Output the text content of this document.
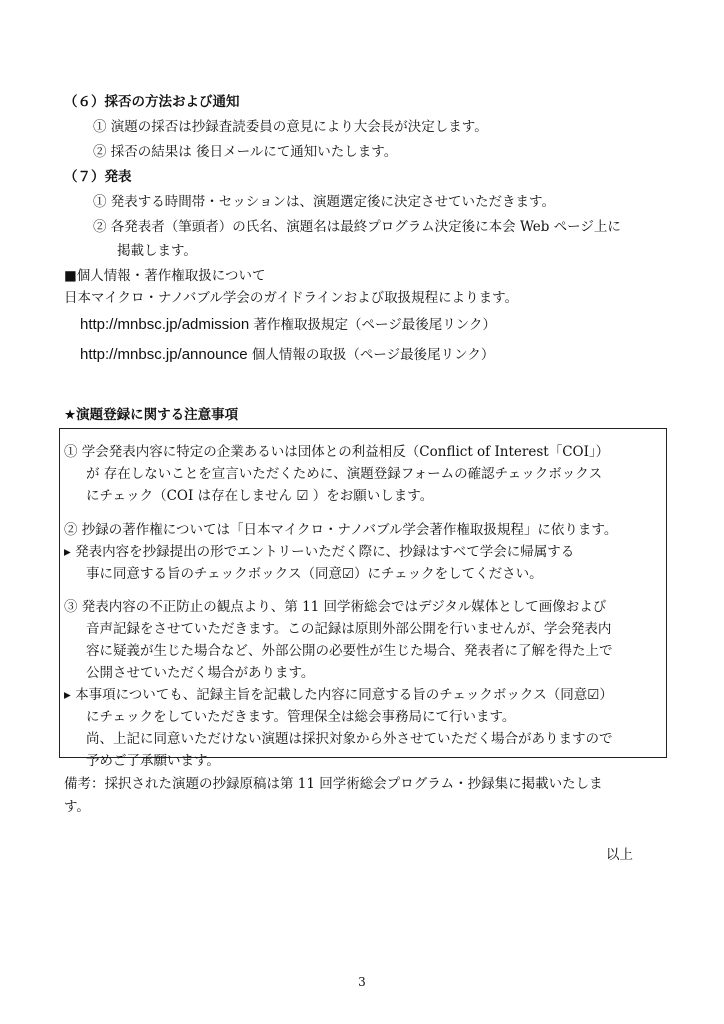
（６）採否の方法および通知
① 演題の採否は抄録査読委員の意見により大会長が決定します。
② 採否の結果は 後日メールにて通知いたします。
（７）発表
① 発表する時間帯・セッションは、演題選定後に決定させていただきます。
② 各発表者（筆頭者）の氏名、演題名は最終プログラム決定後に本会 Web ページ上に
掲載します。
■個人情報・著作権取扱について
日本マイクロ・ナノバブル学会のガイドラインおよび取扱規程によります。
http://mnbsc.jp/admission 著作権取扱規定（ページ最後尾リンク）
http://mnbsc.jp/announce 個人情報の取扱（ページ最後尾リンク）
★演題登録に関する注意事項
① 学会発表内容に特定の企業あるいは団体との利益相反（Conflict of Interest「COI」）
が 存在しないことを宣言いただくために、演題登録フォームの確認チェックボックス
にチェック（COI は存在しません ☑ ）をお願いします。
② 抄録の著作権については「日本マイクロ・ナノバブル学会著作権取扱規程」に依ります。
▸ 発表内容を抄録提出の形でエントリーいただく際に、抄録はすべて学会に帰属する
事に同意する旨のチェックボックス（同意☑）にチェックをしてください。
③ 発表内容の不正防止の観点より、第 11 回学術総会ではデジタル媒体として画像および
音声記録をさせていただきます。この記録は原則外部公開を行いませんが、学会発表内
容に疑義が生じた場合など、外部公開の必要性が生じた場合、発表者に了解を得た上で
公開させていただく場合があります。
▸ 本事項についても、記録主旨を記載した内容に同意する旨のチェックボックス（同意☑）
にチェックをしていただきます。管理保全は総会事務局にて行います。
尚、上記に同意いただけない演題は採択対象から外させていただく場合がありますので
予めご了承願います。
備考：採択された演題の抄録原稿は第 11 回学術総会プログラム・抄録集に掲載いたしま
す。
以上
3
